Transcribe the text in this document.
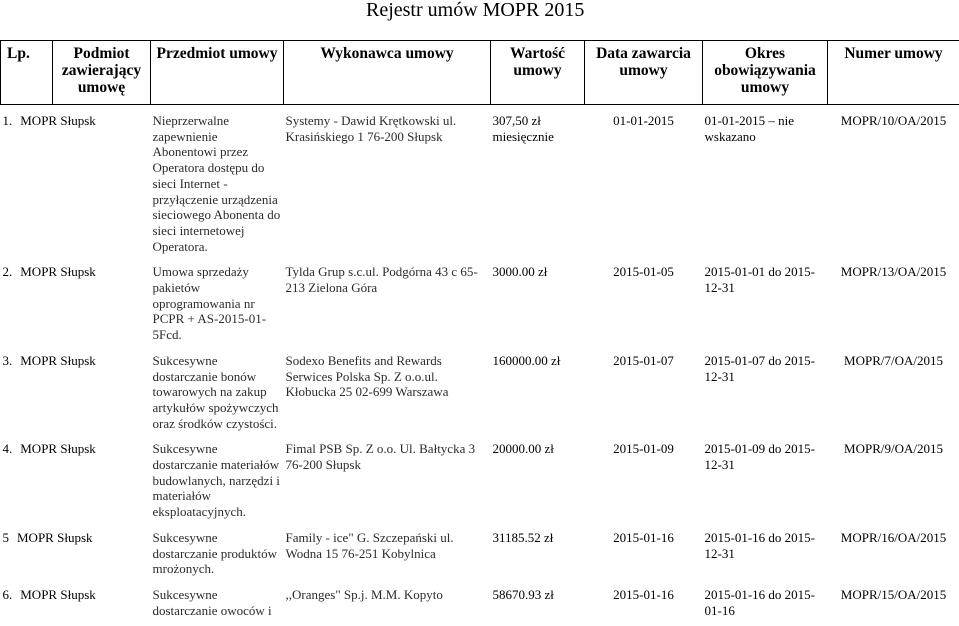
Rejestr umów MOPR 2015
Lp.	Podmiot zawierający umowę	Przedmiot umowy	Wykonawca umowy	Wartość umowy	Data zawarcia umowy	Okres obowiązywania umowy	Numer umowy
1. MOPR Słupsk		Nieprzerwalne zapewnienie Abonentowi przez Operatora dostępu do sieci Internet - przyłączenie urządzenia sieciowego Abonenta do sieci internetowej Operatora.	Systemy - Dawid Krętkowski ul. Krasińskiego 1 76-200 Słupsk	307,50 zł miesięcznie	01-01-2015	01-01-2015 – nie wskazano	MOPR/10/OA/2015
2. MOPR Słupsk		Umowa sprzedaży pakietów oprogramowania nr PCPR + AS-2015-01-5Fcd.	Tylda Grup s.c.ul. Podgórna 43 c 65-213 Zielona Góra	3000.00 zł	2015-01-05	2015-01-01 do 2015-12-31	MOPR/13/OA/2015
3. MOPR Słupsk		Sukcesywne dostarczanie bonów towarowych na zakup artykułów spożywczych oraz środków czystości.	Sodexo Benefits and Rewards Serwices Polska Sp. Z o.o.ul. Kłobucka 25 02-699 Warszawa	160000.00 zł	2015-01-07	2015-01-07 do 2015-12-31	MOPR/7/OA/2015
4. MOPR Słupsk		Sukcesywne dostarczanie materiałów budowlanych, narzędzi i materiałów eksploatacyjnych.	Fimal PSB Sp. Z o.o. Ul. Bałtycka 3 76-200 Słupsk	20000.00 zł	2015-01-09	2015-01-09 do 2015-12-31	MOPR/9/OA/2015
5 MOPR Słupsk		Sukcesywne dostarczanie produktów mrożonych.	Family - ice" G. Szczepański ul. Wodna 15 76-251 Kobylnica	31185.52 zł	2015-01-16	2015-01-16 do 2015-12-31	MOPR/16/OA/2015
6. MOPR Słupsk		Sukcesywne dostarczanie owoców i	,,Oranges" Sp.j. M.M. Kopyto	58670.93 zł	2015-01-16	2015-01-16 do 2015-01-16	MOPR/15/OA/2015
